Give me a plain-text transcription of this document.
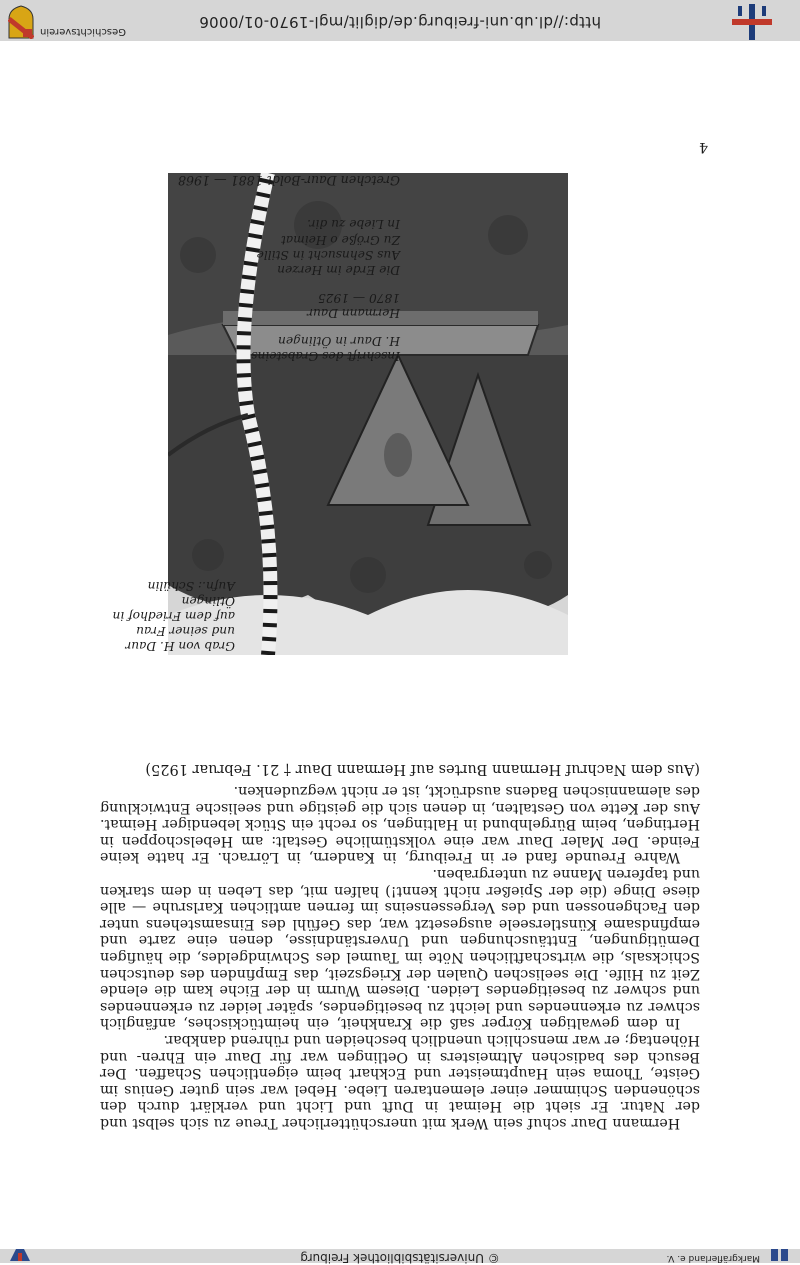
© Universitätsbibliothek Freiburg	Markgräflerland e. V.
http://dl.ub.uni-freiburg.de/diglit/mgl-1970-01/0006
Geschichtsverein

Hermann Daur schuf sein Werk mit unerschütterlicher Treue zu sich selbst und der Natur. Er sieht die Heimat in Duft und Licht und verklärt durch den schönenden Schimmer einer elementaren Liebe. Hebel war sein guter Genius im Geiste, Thoma sein Hauptmeister und Eckhart beim eigentlichen Schaffen. Der Besuch des badischen Altmeisters in Oetlingen war für Daur ein Ehren- und Höhentag; er war menschlich unendlich bescheiden und rührend dankbar.

In dem gewaltigen Körper saß die Krankheit, ein heimtückisches, anfänglich schwer zu erkennendes und leicht zu beseitigendes, später leider zu erkennendes und schwer zu beseitigendes Leiden. Diesem Wurm in der Eiche kam die elende Zeit zu Hilfe. Die seelischen Qualen der Kriegszeit, das Empfinden des deutschen Schicksals, die wirtschaftlichen Nöte im Taumel des Schwindgeldes, die häufigen Demütigungen, Enttäuschungen und Unverständnisse, denen eine zarte und empfindsame Künstlerseele ausgesetzt war, das Gefühl des Einsamstehens unter den Fachgenossen und des Vergessenseins im fernen amtlichen Karlsruhe — alle diese Dinge (die der Spießer nicht kennt!) halfen mit, das Leben in dem starken und tapferen Manne zu untergraben.

Wahre Freunde fand er in Freiburg, in Kandern, in Lörrach. Er hatte keine Feinde. Der Maler Daur war eine volkstümliche Gestalt: am Hebelschoppen in Hertingen, beim Bürgelnbund in Haltingen, so recht ein Stück lebendiger Heimat. Aus der Kette von Gestalten, in denen sich die geistige und seelische Entwicklung des alemannischen Badens ausdrückt, ist er nicht wegzudenken.

(Aus dem Nachruf Hermann Burtes auf Hermann Daur † 21. Februar 1925)
Grab von H. Daur
und seiner Frau
auf dem Friedhof in Ötlingen
Aufn.: Schülin
Inschrift des Grabsteins
H. Daur in Ötlingen
Hermann Daur
1870 — 1925
Die Erde im Herzen
Aus Sehnsucht in Stille
Zu Größe o Heimat
In Liebe zu dir.
Gretchen Daur-Boldt 1881 — 1968
4
